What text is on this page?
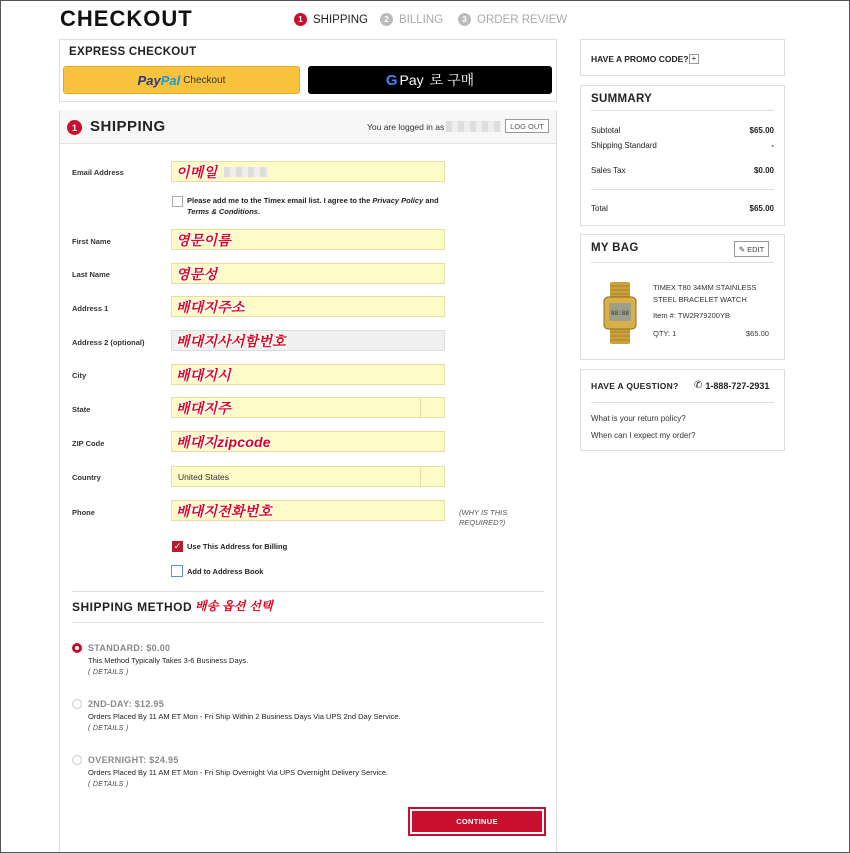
CHECKOUT	1 SHIPPING	2 BILLING	3 ORDER REVIEW
EXPRESS CHECKOUT
Pay Pal Checkout	G Pay 로 구매
1 SHIPPING	You are logged in as	LOG OUT
Email Address	이메일
Please add me to the Timex email list. I agree to the Privacy Policy and Terms & Conditions.
First Name	영문이름
Last Name	영문성
Address 1	배대지주소
Address 2 (optional) 배대지사서함번호
City	배대지시
State	배대지주
ZIP Code	배대지zipcode
Country	United States
Phone	배대지전화번호	(WHY IS THIS REQUIRED?)
✓ Use This Address for Billing
Add to Address Book
SHIPPING METHOD 배송 옵션 선택
STANDARD: $0.00
This Method Typically Takes 3-6 Business Days.
( DETAILS )
2ND-DAY: $12.95
Orders Placed By 11 AM ET Mon - Fri Ship Within 2 Business Days Via UPS 2nd Day Service.
( DETAILS )
OVERNIGHT: $24.95
Orders Placed By 11 AM ET Mon - Fri Ship Overnight Via UPS Overnight Delivery Service.
( DETAILS )
CONTINUE
HAVE A PROMO CODE? +
SUMMARY
Subtotal	$65.00
Shipping Standard	-
Sales Tax	$0.00
Total	$65.00
MY BAG	✎ EDIT
88:88
TIMEX T80 34MM STAINLESS STEEL BRACELET WATCH
Item #: TW2R79200YB
QTY: 1	$65.00
HAVE A QUESTION? ✆ 1-888-727-2931
What is your return policy?
When can I expect my order?
